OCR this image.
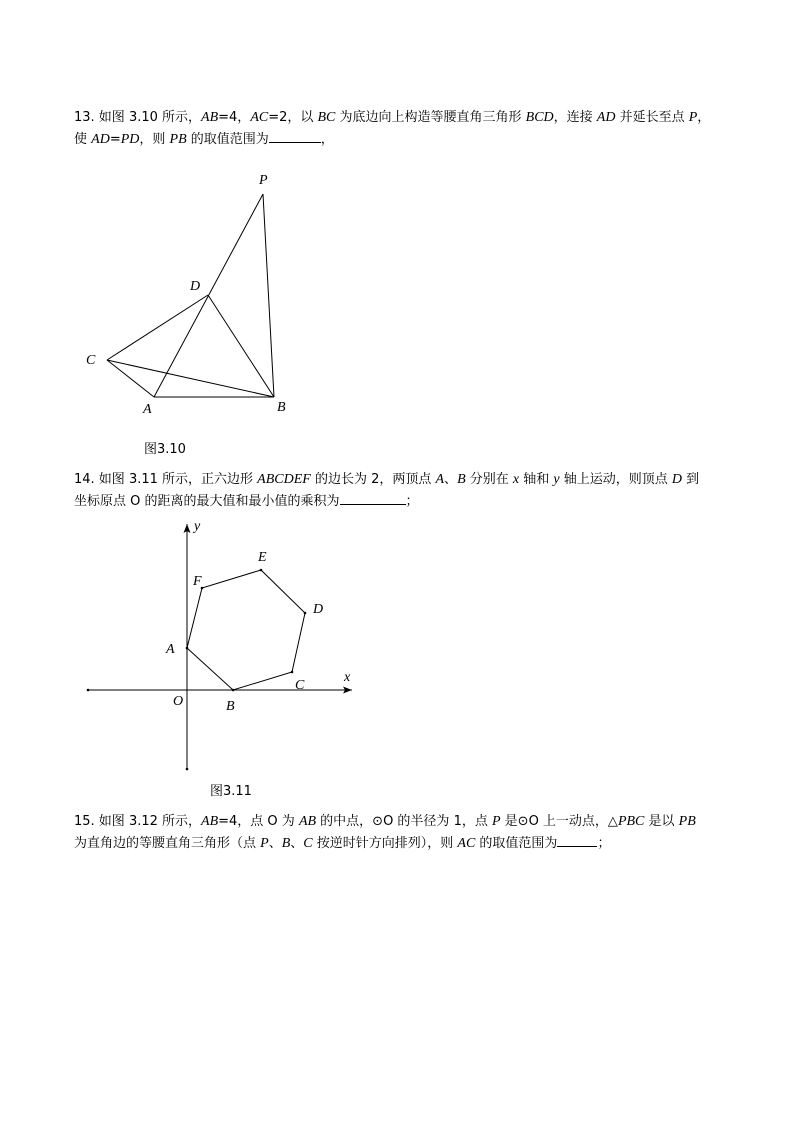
13. 如图 3.10 所示，AB=4，AC=2，以 BC 为底边向上构造等腰直角三角形 BCD，连接 AD 并延长至点 P，
使 AD=PD，则 PB 的取值范围为	，
P
D
C
A	B
图3.10
14. 如图 3.11 所示，正六边形 ABCDEF 的边长为 2，两顶点 A、B 分别在 x 轴和 y 轴上运动，则顶点 D 到
坐标原点 O 的距离的最大值和最小值的乘积为	；
y
x
E
F
D
A
C
O	B
图3.11
15. 如图 3.12 所示，AB=4，点 O 为 AB 的中点，⊙O 的半径为 1，点 P 是⊙O 上一动点，△PBC 是以 PB
为直角边的等腰直角三角形（点 P、B、C 按逆时针方向排列），则 AC 的取值范围为	；
